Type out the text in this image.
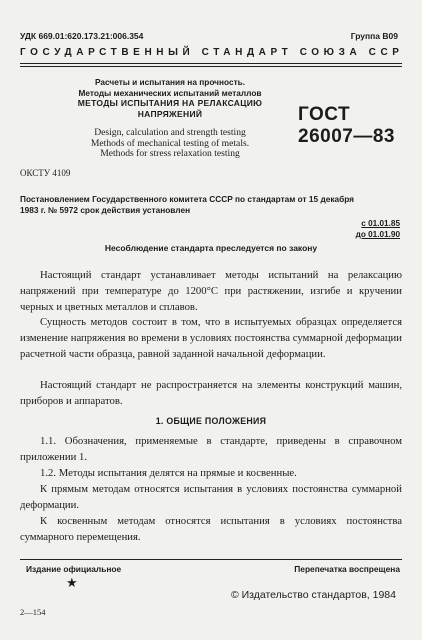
УДК 669.01:620.173.21:006.354	Группа В09
ГОСУДАРСТВЕННЫЙ СТАНДАРТ СОЮЗА ССР
Расчеты и испытания на прочность.
Методы механических испытаний металлов
МЕТОДЫ ИСПЫТАНИЯ НА РЕЛАКСАЦИЮ
НАПРЯЖЕНИЙ
Design, calculation and strength testing
Methods of mechanical testing of metals.
Methods for stress relaxation testing
ГОСТ
26007—83
ОКСТУ 4109
Постановлением Государственного комитета СССР по стандартам от 15 декабря
1983 г. № 5972 срок действия установлен
с 01.01.85
до 01.01.90
Несоблюдение стандарта преследуется по закону
Настоящий стандарт устанавливает методы испытаний на релаксацию напряжений при температуре до 1200°С при растяжении, изгибе и кручении черных и цветных металлов и сплавов.
Сущность методов состоит в том, что в испытуемых образцах определяется изменение напряжения во времени в условиях постоянства суммарной деформации расчетной части образца, равной заданной начальной деформации.
Настоящий стандарт не распространяется на элементы конструкций машин, приборов и аппаратов.
1. ОБЩИЕ ПОЛОЖЕНИЯ
1.1. Обозначения, применяемые в стандарте, приведены в справочном приложении 1.
1.2. Методы испытания делятся на прямые и косвенные.
К прямым методам относятся испытания в условиях постоянства суммарной деформации.
К косвенным методам относятся испытания в условиях постоянства суммарного перемещения.
Издание официальное	Перепечатка воспрещена
★
© Издательство стандартов, 1984
2—154
